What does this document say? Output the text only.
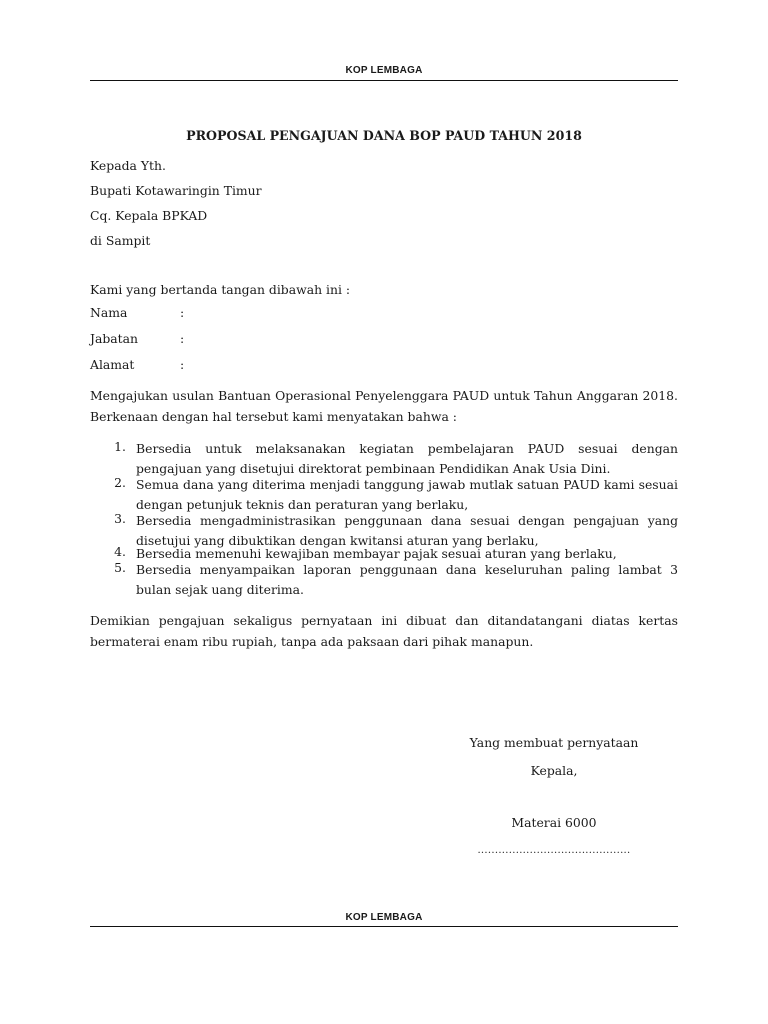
KOP LEMBAGA
PROPOSAL PENGAJUAN DANA BOP PAUD TAHUN 2018
Kepada Yth.
Bupati Kotawaringin Timur
Cq. Kepala BPKAD
di Sampit
Kami yang bertanda tangan dibawah ini :
Nama	:
Jabatan	:
Alamat	:
Mengajukan usulan Bantuan Operasional Penyelenggara PAUD untuk Tahun Anggaran 2018. Berkenaan dengan hal tersebut kami menyatakan bahwa :
1. Bersedia untuk melaksanakan kegiatan pembelajaran PAUD sesuai dengan pengajuan yang disetujui direktorat pembinaan Pendidikan Anak Usia Dini.
2. Semua dana yang diterima menjadi tanggung jawab mutlak satuan PAUD kami sesuai dengan petunjuk teknis dan peraturan yang berlaku,
3. Bersedia mengadministrasikan penggunaan dana sesuai dengan pengajuan yang disetujui yang dibuktikan dengan kwitansi aturan yang berlaku,
4. Bersedia memenuhi kewajiban membayar pajak sesuai aturan yang berlaku,
5. Bersedia menyampaikan laporan penggunaan dana keseluruhan paling lambat 3 bulan sejak uang diterima.
Demikian pengajuan sekaligus pernyataan ini dibuat dan ditandatangani diatas kertas bermaterai enam ribu rupiah, tanpa ada paksaan dari pihak manapun.
Yang membuat pernyataan
Kepala,
Materai 6000
............................................
KOP LEMBAGA
